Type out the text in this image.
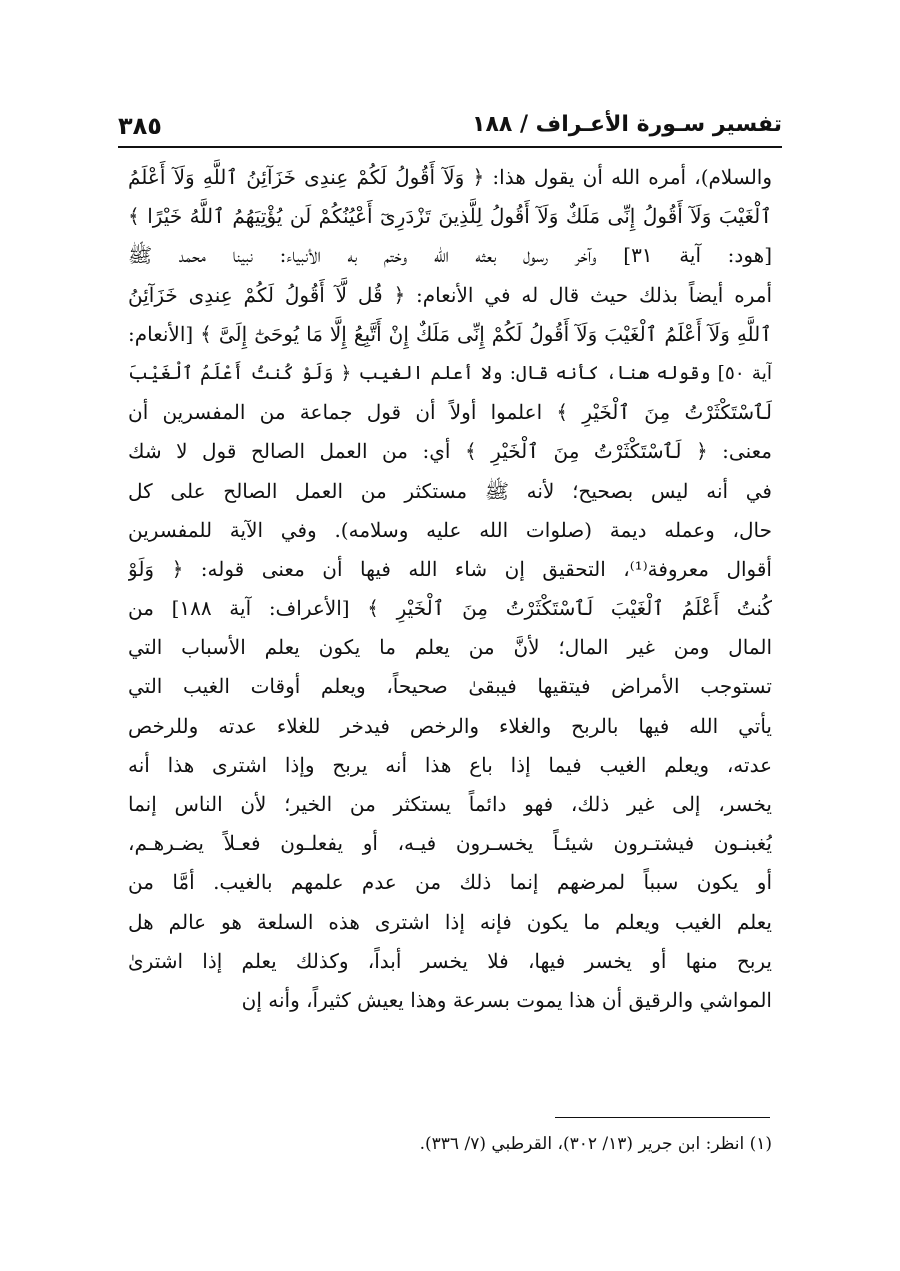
تفسير سـورة الأعـراف / ١٨٨
٣٨٥
والسلام)، أمره الله أن يقول هذا: ﴿ وَلَآ أَقُولُ لَكُمْ عِندِى خَزَآئِنُ ٱللَّهِ وَلَآ أَعْلَمُ
ٱلْغَيْبَ وَلَآ أَقُولُ إِنِّى مَلَكٌ وَلَآ أَقُولُ لِلَّذِينَ تَزْدَرِىٓ أَعْيُنُكُمْ لَن يُؤْتِيَهُمُ ٱللَّهُ خَيْرًا ﴾
[هود: آية ٣١] وآخر رسول بعثه الله وختم به الأنبياء: نبينا محمد ﷺ
أمره أيضاً بذلك حيث قال له في الأنعام: ﴿ قُل لَّآ أَقُولُ لَكُمْ عِندِى خَزَآئِنُ
ٱللَّهِ وَلَآ أَعْلَمُ ٱلْغَيْبَ وَلَآ أَقُولُ لَكُمْ إِنِّى مَلَكٌ إِنْ أَتَّبِعُ إِلَّا مَا يُوحَىٰٓ إِلَىَّ ﴾ [الأنعام:
آية ٥٠] وقوله هنا، كأنه قال: ولا أعلم الغيب ﴿ وَلَوْ كُنتُ أَعْلَمُ ٱلْغَيْبَ
لَٱسْتَكْثَرْتُ مِنَ ٱلْخَيْرِ ﴾ اعلموا أولاً أن قول جماعة من المفسرين أن
معنى: ﴿ لَٱسْتَكْثَرْتُ مِنَ ٱلْخَيْرِ ﴾ أي: من العمل الصالح قول لا شك
في أنه ليس بصحيح؛ لأنه ﷺ مستكثر من العمل الصالح على كل
حال، وعمله ديمة (صلوات الله عليه وسلامه). وفي الآية للمفسرين
أقوال معروفة⁽¹⁾، التحقيق إن شاء الله فيها أن معنى قوله: ﴿ وَلَوْ
كُنتُ أَعْلَمُ ٱلْغَيْبَ لَٱسْتَكْثَرْتُ مِنَ ٱلْخَيْرِ ﴾ [الأعراف: آية ١٨٨] من
المال ومن غير المال؛ لأنَّ من يعلم ما يكون يعلم الأسباب التي
تستوجب الأمراض فيتقيها فيبقىٰ صحيحاً، ويعلم أوقات الغيب التي
يأتي الله فيها بالربح والغلاء والرخص فيدخر للغلاء عدته وللرخص
عدته، ويعلم الغيب فيما إذا باع هذا أنه يربح وإذا اشترى هذا أنه
يخسر، إلى غير ذلك، فهو دائماً يستكثر من الخير؛ لأن الناس إنما
يُغبنـون فيشتـرون شيئـاً يخسـرون فيـه، أو يفعلـون فعـلاً يضـرهـم،
أو يكون سبباً لمرضهم إنما ذلك من عدم علمهم بالغيب. أمَّا من
يعلم الغيب ويعلم ما يكون فإنه إذا اشترى هذه السلعة هو عالم هل
يربح منها أو يخسر فيها، فلا يخسر أبداً، وكذلك يعلم إذا اشترىٰ
المواشي والرقيق أن هذا يموت بسرعة وهذا يعيش كثيراً، وأنه إن
(١) انظر: ابن جرير (١٣/ ٣٠٢)، القرطبي (٧/ ٣٣٦).
